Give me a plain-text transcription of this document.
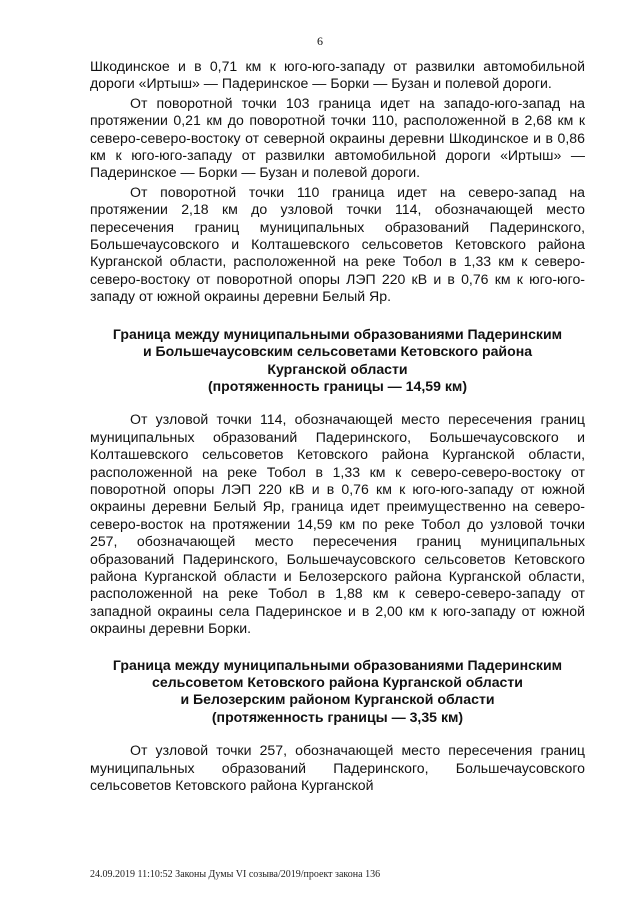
6

Шкодинское и в 0,71 км к юго-юго-западу от развилки автомобильной дороги «Иртыш» — Падеринское — Борки — Бузан и полевой дороги.

От поворотной точки 103 граница идет на западо-юго-запад на протяжении 0,21 км до поворотной точки 110, расположенной в 2,68 км к северо-северо-востоку от северной окраины деревни Шкодинское и в 0,86 км к юго-юго-западу от развилки автомобильной дороги «Иртыш» — Падеринское — Борки — Бузан и полевой дороги.

От поворотной точки 110 граница идет на северо-запад на протяжении 2,18 км до узловой точки 114, обозначающей место пересечения границ муниципальных образований Падеринского, Большечаусовского и Колташевского сельсоветов Кетовского района Курганской области, расположенной на реке Тобол в 1,33 км к северо-северо-востоку от поворотной опоры ЛЭП 220 кВ и в 0,76 км к юго-юго-западу от южной окраины деревни Белый Яр.

Граница между муниципальными образованиями Падеринским
и Большечаусовским сельсоветами Кетовского района
Курганской области
(протяженность границы — 14,59 км)

От узловой точки 114, обозначающей место пересечения границ муниципальных образований Падеринского, Большечаусовского и Колташевского сельсоветов Кетовского района Курганской области, расположенной на реке Тобол в 1,33 км к северо-северо-востоку от поворотной опоры ЛЭП 220 кВ и в 0,76 км к юго-юго-западу от южной окраины деревни Белый Яр, граница идет преимущественно на северо-северо-восток на протяжении 14,59 км по реке Тобол до узловой точки 257, обозначающей место пересечения границ муниципальных образований Падеринского, Большечаусовского сельсоветов Кетовского района Курганской области и Белозерского района Курганской области, расположенной на реке Тобол в 1,88 км к северо-северо-западу от западной окраины села Падеринское и в 2,00 км к юго-западу от южной окраины деревни Борки.

Граница между муниципальными образованиями Падеринским
сельсоветом Кетовского района Курганской области
и Белозерским районом Курганской области
(протяженность границы — 3,35 км)

От узловой точки 257, обозначающей место пересечения границ муниципальных образований Падеринского, Большечаусовского сельсоветов Кетовского района Курганской

24.09.2019 11:10:52 Законы Думы VI созыва/2019/проект закона 136
